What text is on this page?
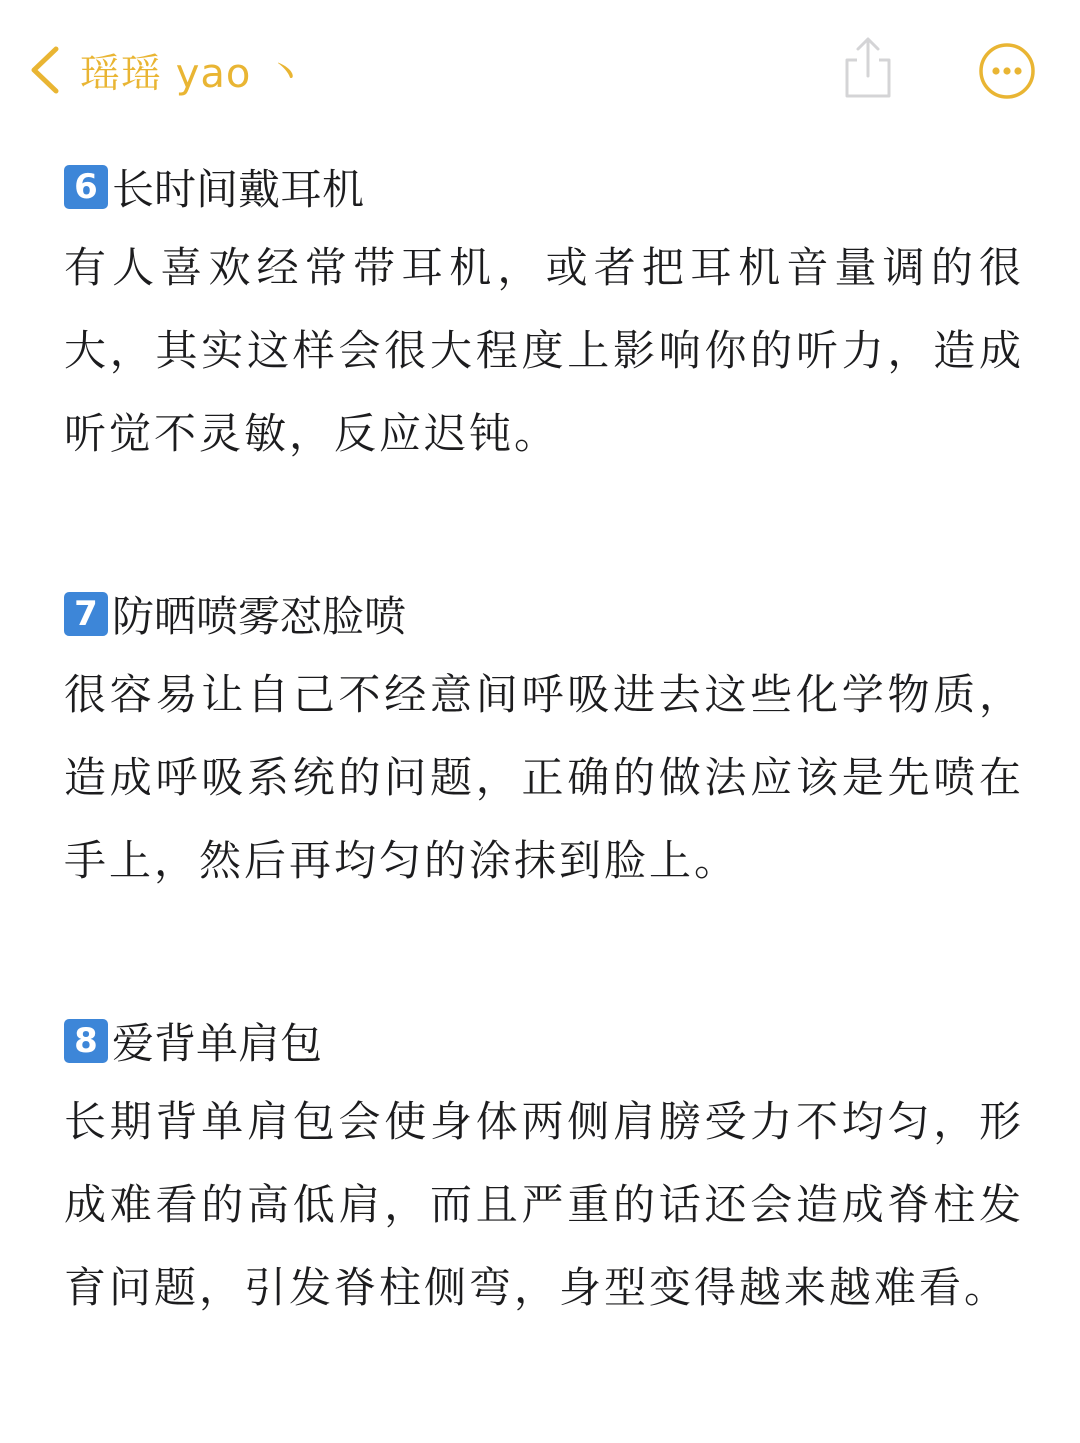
瑶瑶 yao 丶
6 长时间戴耳机

有人喜欢经常带耳机，或者把耳机音量调的很大，其实这样会很大程度上影响你的听力，造成听觉不灵敏，反应迟钝。

7 防晒喷雾怼脸喷

很容易让自己不经意间呼吸进去这些化学物质，造成呼吸系统的问题，正确的做法应该是先喷在手上，然后再均匀的涂抹到脸上。

8 爱背单肩包

长期背单肩包会使身体两侧肩膀受力不均匀，形成难看的高低肩，而且严重的话还会造成脊柱发育问题，引发脊柱侧弯，身型变得越来越难看。
